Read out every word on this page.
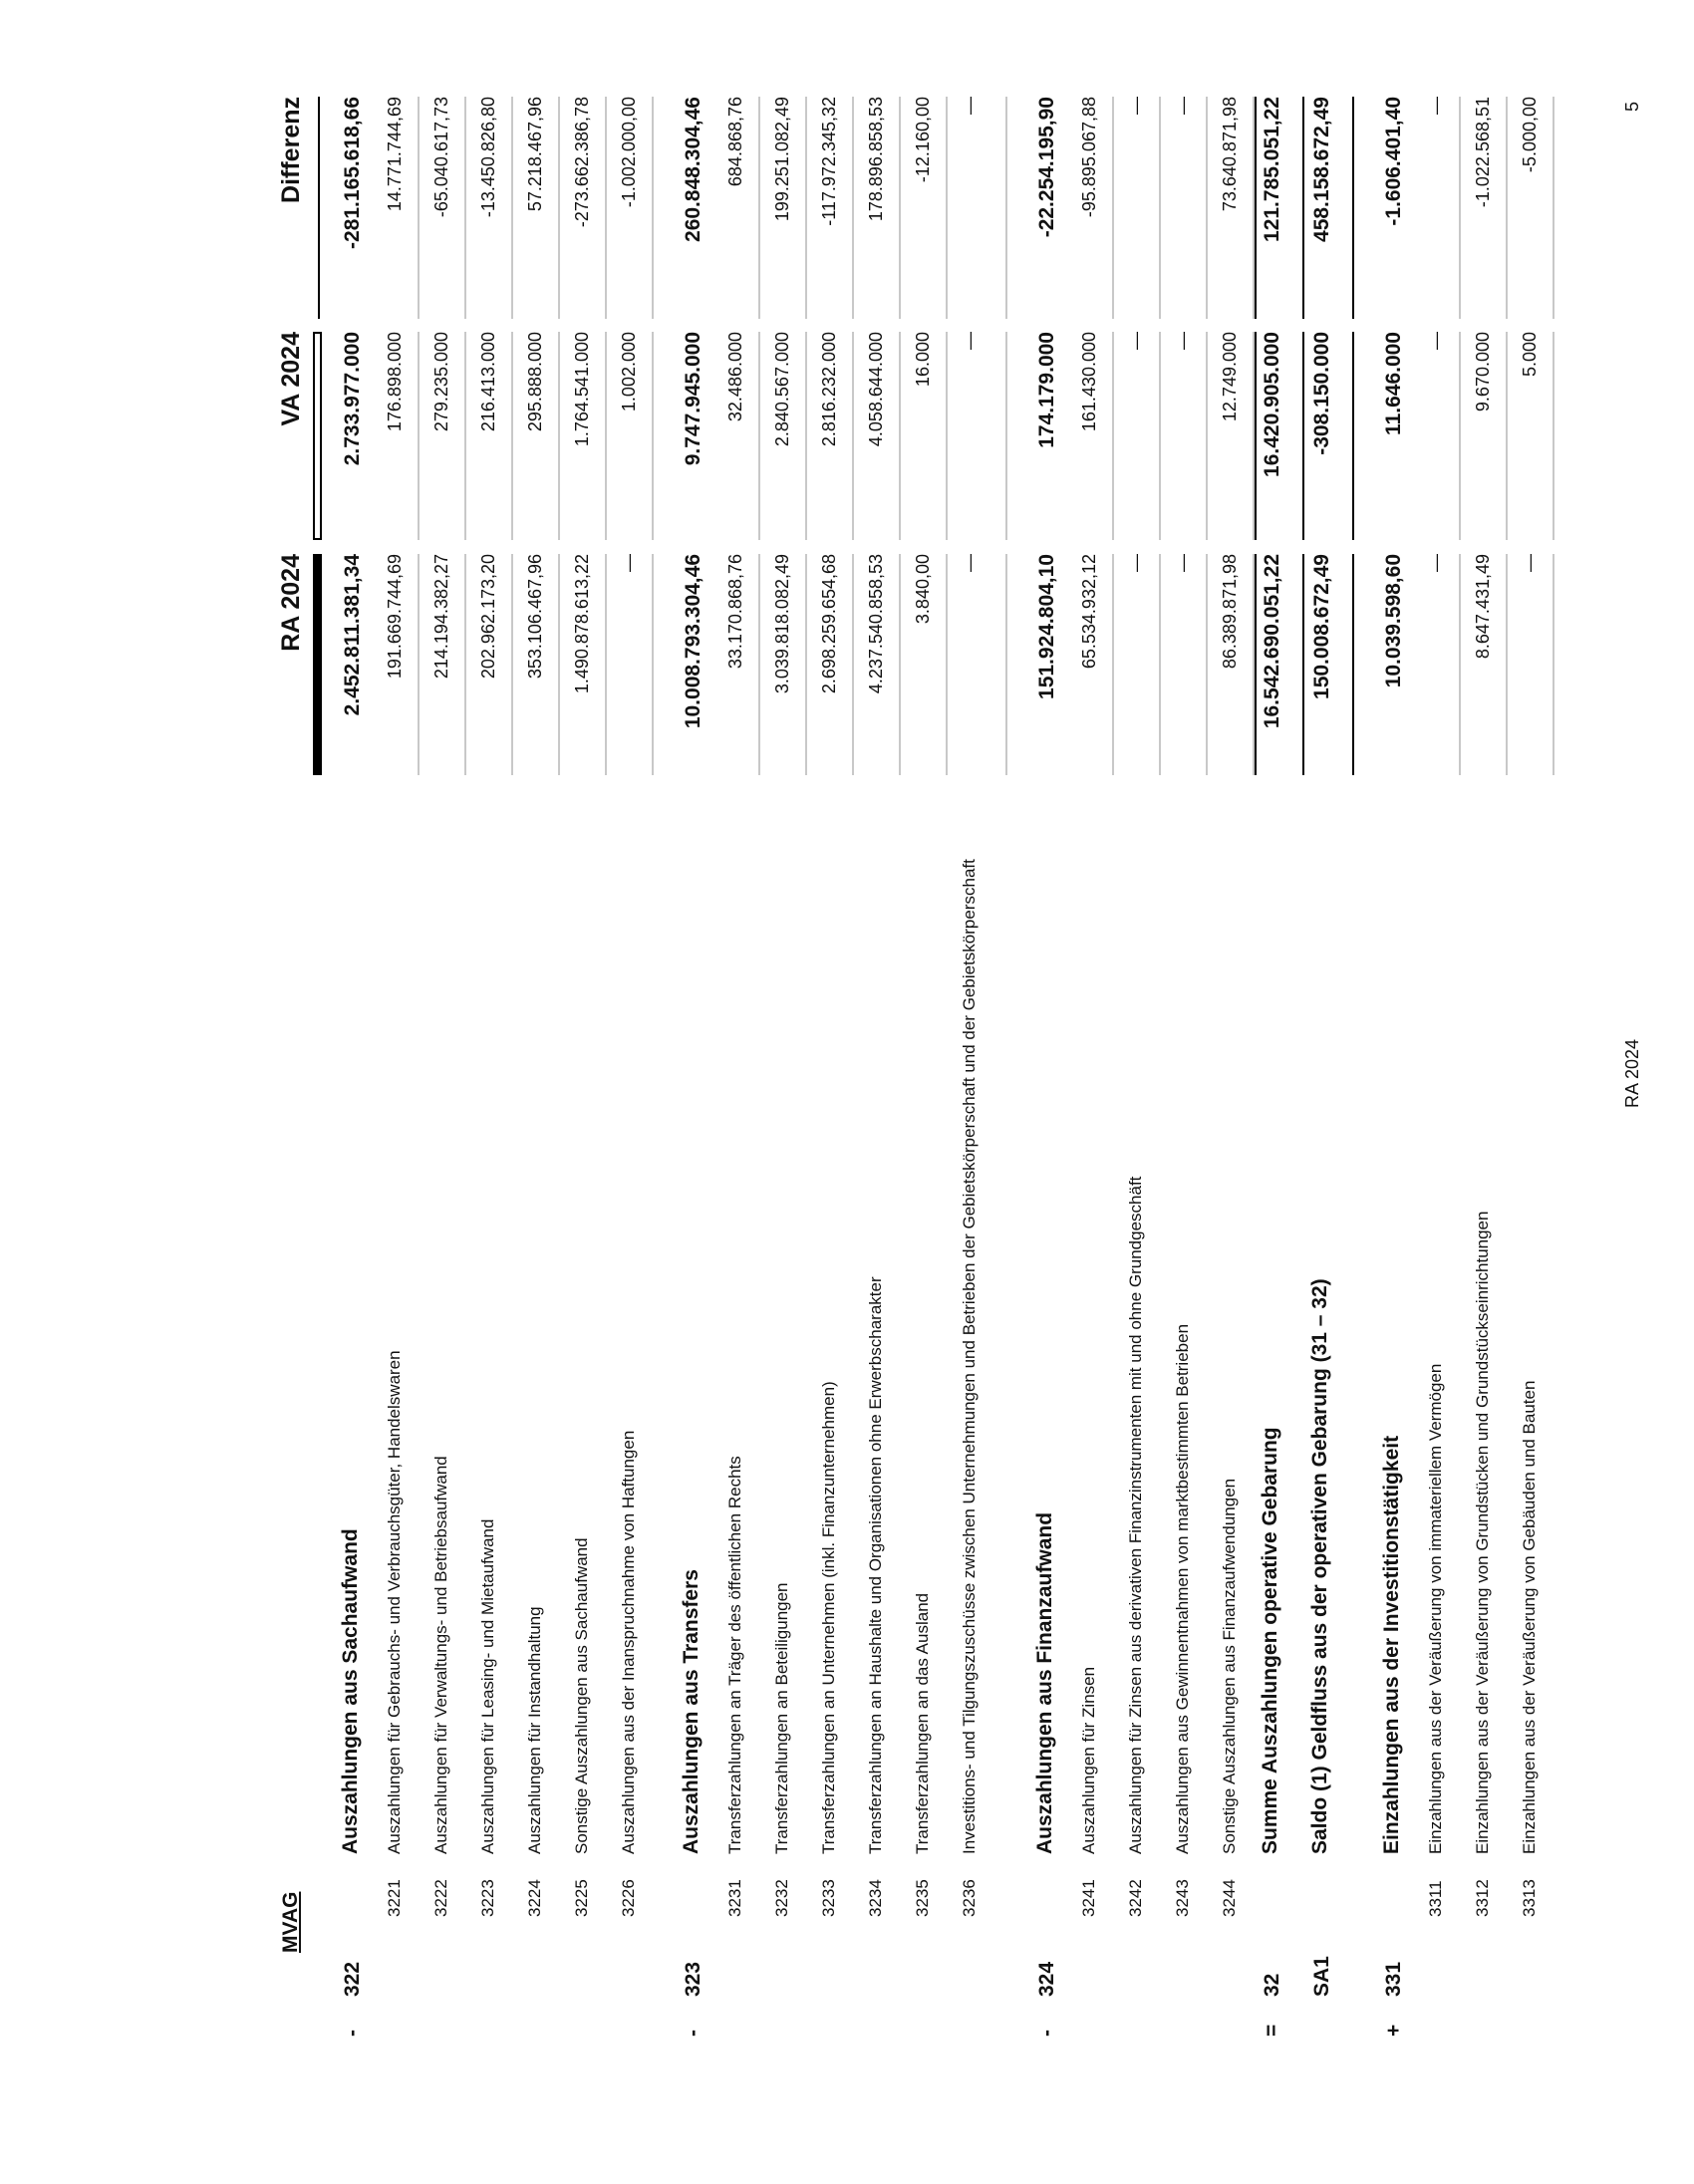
MVAG
RA 2024
VA 2024
Differenz
-
322
Auszahlungen aus Sachaufwand
2.452.811.381,34
2.733.977.000
-281.165.618,66
3221
Auszahlungen für Gebrauchs- und Verbrauchsgüter, Handelswaren
191.669.744,69
176.898.000
14.771.744,69
3222
Auszahlungen für Verwaltungs- und Betriebsaufwand
214.194.382,27
279.235.000
-65.040.617,73
3223
Auszahlungen für Leasing- und Mietaufwand
202.962.173,20
216.413.000
-13.450.826,80
3224
Auszahlungen für Instandhaltung
353.106.467,96
295.888.000
57.218.467,96
3225
Sonstige Auszahlungen aus Sachaufwand
1.490.878.613,22
1.764.541.000
-273.662.386,78
3226
Auszahlungen aus der Inanspruchnahme von Haftungen
—
1.002.000
-1.002.000,00
-
323
Auszahlungen aus Transfers
10.008.793.304,46
9.747.945.000
260.848.304,46
3231
Transferzahlungen an Träger des öffentlichen Rechts
33.170.868,76
32.486.000
684.868,76
3232
Transferzahlungen an Beteiligungen
3.039.818.082,49
2.840.567.000
199.251.082,49
3233
Transferzahlungen an Unternehmen (inkl. Finanzunternehmen)
2.698.259.654,68
2.816.232.000
-117.972.345,32
3234
Transferzahlungen an Haushalte und Organisationen ohne Erwerbscharakter
4.237.540.858,53
4.058.644.000
178.896.858,53
3235
Transferzahlungen an das Ausland
3.840,00
16.000
-12.160,00
3236
Investitions- und Tilgungszuschüsse zwischen Unternehmungen und Betrieben der Gebietskörperschaft und der Gebietskörperschaft
—
—
—
-
324
Auszahlungen aus Finanzaufwand
151.924.804,10
174.179.000
-22.254.195,90
3241
Auszahlungen für Zinsen
65.534.932,12
161.430.000
-95.895.067,88
3242
Auszahlungen für Zinsen aus derivativen Finanzinstrumenten mit und ohne Grundgeschäft
—
—
—
3243
Auszahlungen aus Gewinnentnahmen von marktbestimmten Betrieben
—
—
—
3244
Sonstige Auszahlungen aus Finanzaufwendungen
86.389.871,98
12.749.000
73.640.871,98
=
32
Summe Auszahlungen operative Gebarung
16.542.690.051,22
16.420.905.000
121.785.051,22
SA1
Saldo (1) Geldfluss aus der operativen Gebarung (31 – 32)
150.008.672,49
-308.150.000
458.158.672,49
+
331
Einzahlungen aus der Investitionstätigkeit
10.039.598,60
11.646.000
-1.606.401,40
3311
Einzahlungen aus der Veräußerung von immateriellem Vermögen
—
—
—
3312
Einzahlungen aus der Veräußerung von Grundstücken und Grundstückseinrichtungen
8.647.431,49
9.670.000
-1.022.568,51
3313
Einzahlungen aus der Veräußerung von Gebäuden und Bauten
—
5.000
-5.000,00
RA 2024
5
